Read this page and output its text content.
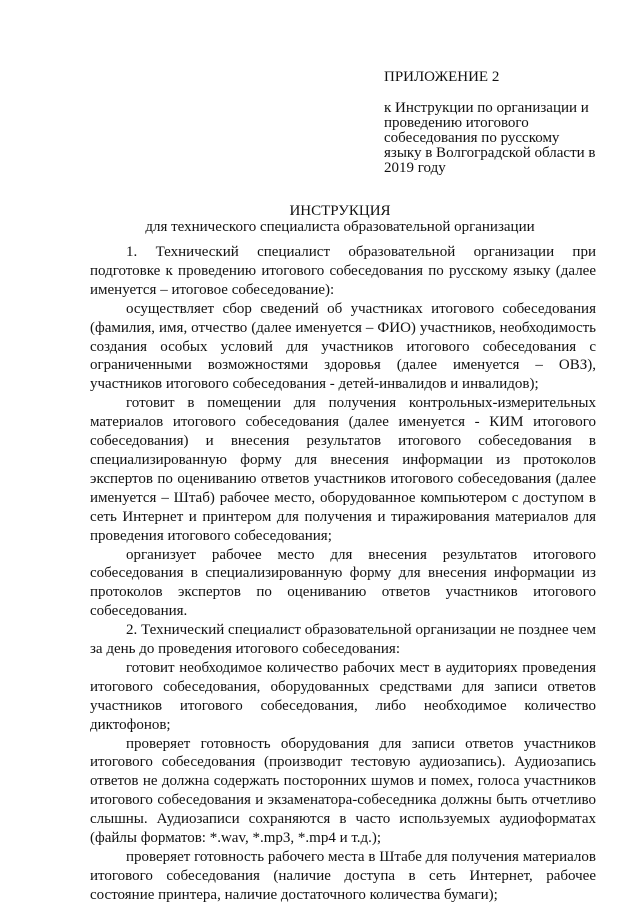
ПРИЛОЖЕНИЕ 2
к Инструкции по организации и проведению итогового собеседования по русскому языку в Волгоградской области в 2019 году
ИНСТРУКЦИЯ
для технического специалиста образовательной организации

1. Технический специалист образовательной организации при подготовке к проведению итогового собеседования по русскому языку (далее именуется – итоговое собеседование):

осуществляет сбор сведений об участниках итогового собеседования (фамилия, имя, отчество (далее именуется – ФИО) участников, необходимость создания особых условий для участников итогового собеседования с ограниченными возможностями здоровья (далее именуется – ОВЗ), участников итогового собеседования - детей-инвалидов и инвалидов);

готовит в помещении для получения контрольных-измерительных материалов итогового собеседования (далее именуется - КИМ итогового собеседования) и внесения результатов итогового собеседования в специализированную форму для внесения информации из протоколов экспертов по оцениванию ответов участников итогового собеседования (далее именуется – Штаб) рабочее место, оборудованное компьютером с доступом в сеть Интернет и принтером для получения и тиражирования материалов для проведения итогового собеседования;

организует рабочее место для внесения результатов итогового собеседования в специализированную форму для внесения информации из протоколов экспертов по оцениванию ответов участников итогового собеседования.

2. Технический специалист образовательной организации не позднее чем за день до проведения итогового собеседования:

готовит необходимое количество рабочих мест в аудиториях проведения итогового собеседования, оборудованных средствами для записи ответов участников итогового собеседования, либо необходимое количество диктофонов;

проверяет готовность оборудования для записи ответов участников итогового собеседования (производит тестовую аудиозапись). Аудиозапись ответов не должна содержать посторонних шумов и помех, голоса участников итогового собеседования и экзаменатора-собеседника должны быть отчетливо слышны. Аудиозаписи сохраняются в часто используемых аудиоформатах (файлы форматов: *.wav, *.mp3, *.mp4 и т.д.);

проверяет готовность рабочего места в Штабе для получения материалов итогового собеседования (наличие доступа в сеть Интернет, рабочее состояние принтера, наличие достаточного количества бумаги);
